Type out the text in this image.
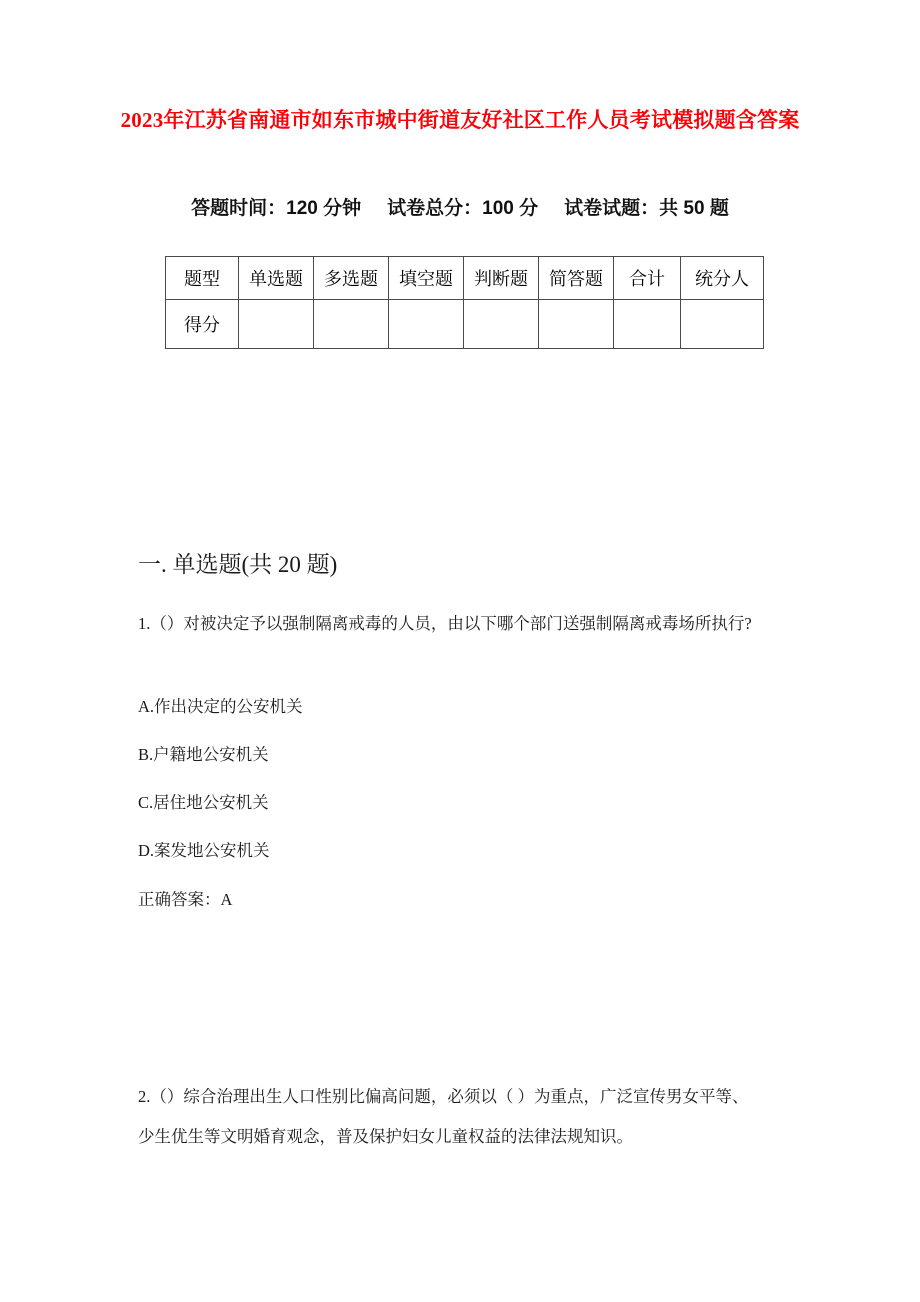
2023年江苏省南通市如东市城中街道友好社区工作人员考试模拟题含答案
答题时间：120 分钟 试卷总分：100 分 试卷试题：共 50 题
题型	单选题	多选题	填空题	判断题	简答题	合计	统分人
得分							
一. 单选题(共 20 题)
1.（）对被决定予以强制隔离戒毒的人员，由以下哪个部门送强制隔离戒毒场所执行?
A.作出决定的公安机关
B.户籍地公安机关
C.居住地公安机关
D.案发地公安机关
正确答案：A
2.（）综合治理出生人口性别比偏高问题，必须以（ ）为重点，广泛宣传男女平等、
少生优生等文明婚育观念，普及保护妇女儿童权益的法律法规知识。
